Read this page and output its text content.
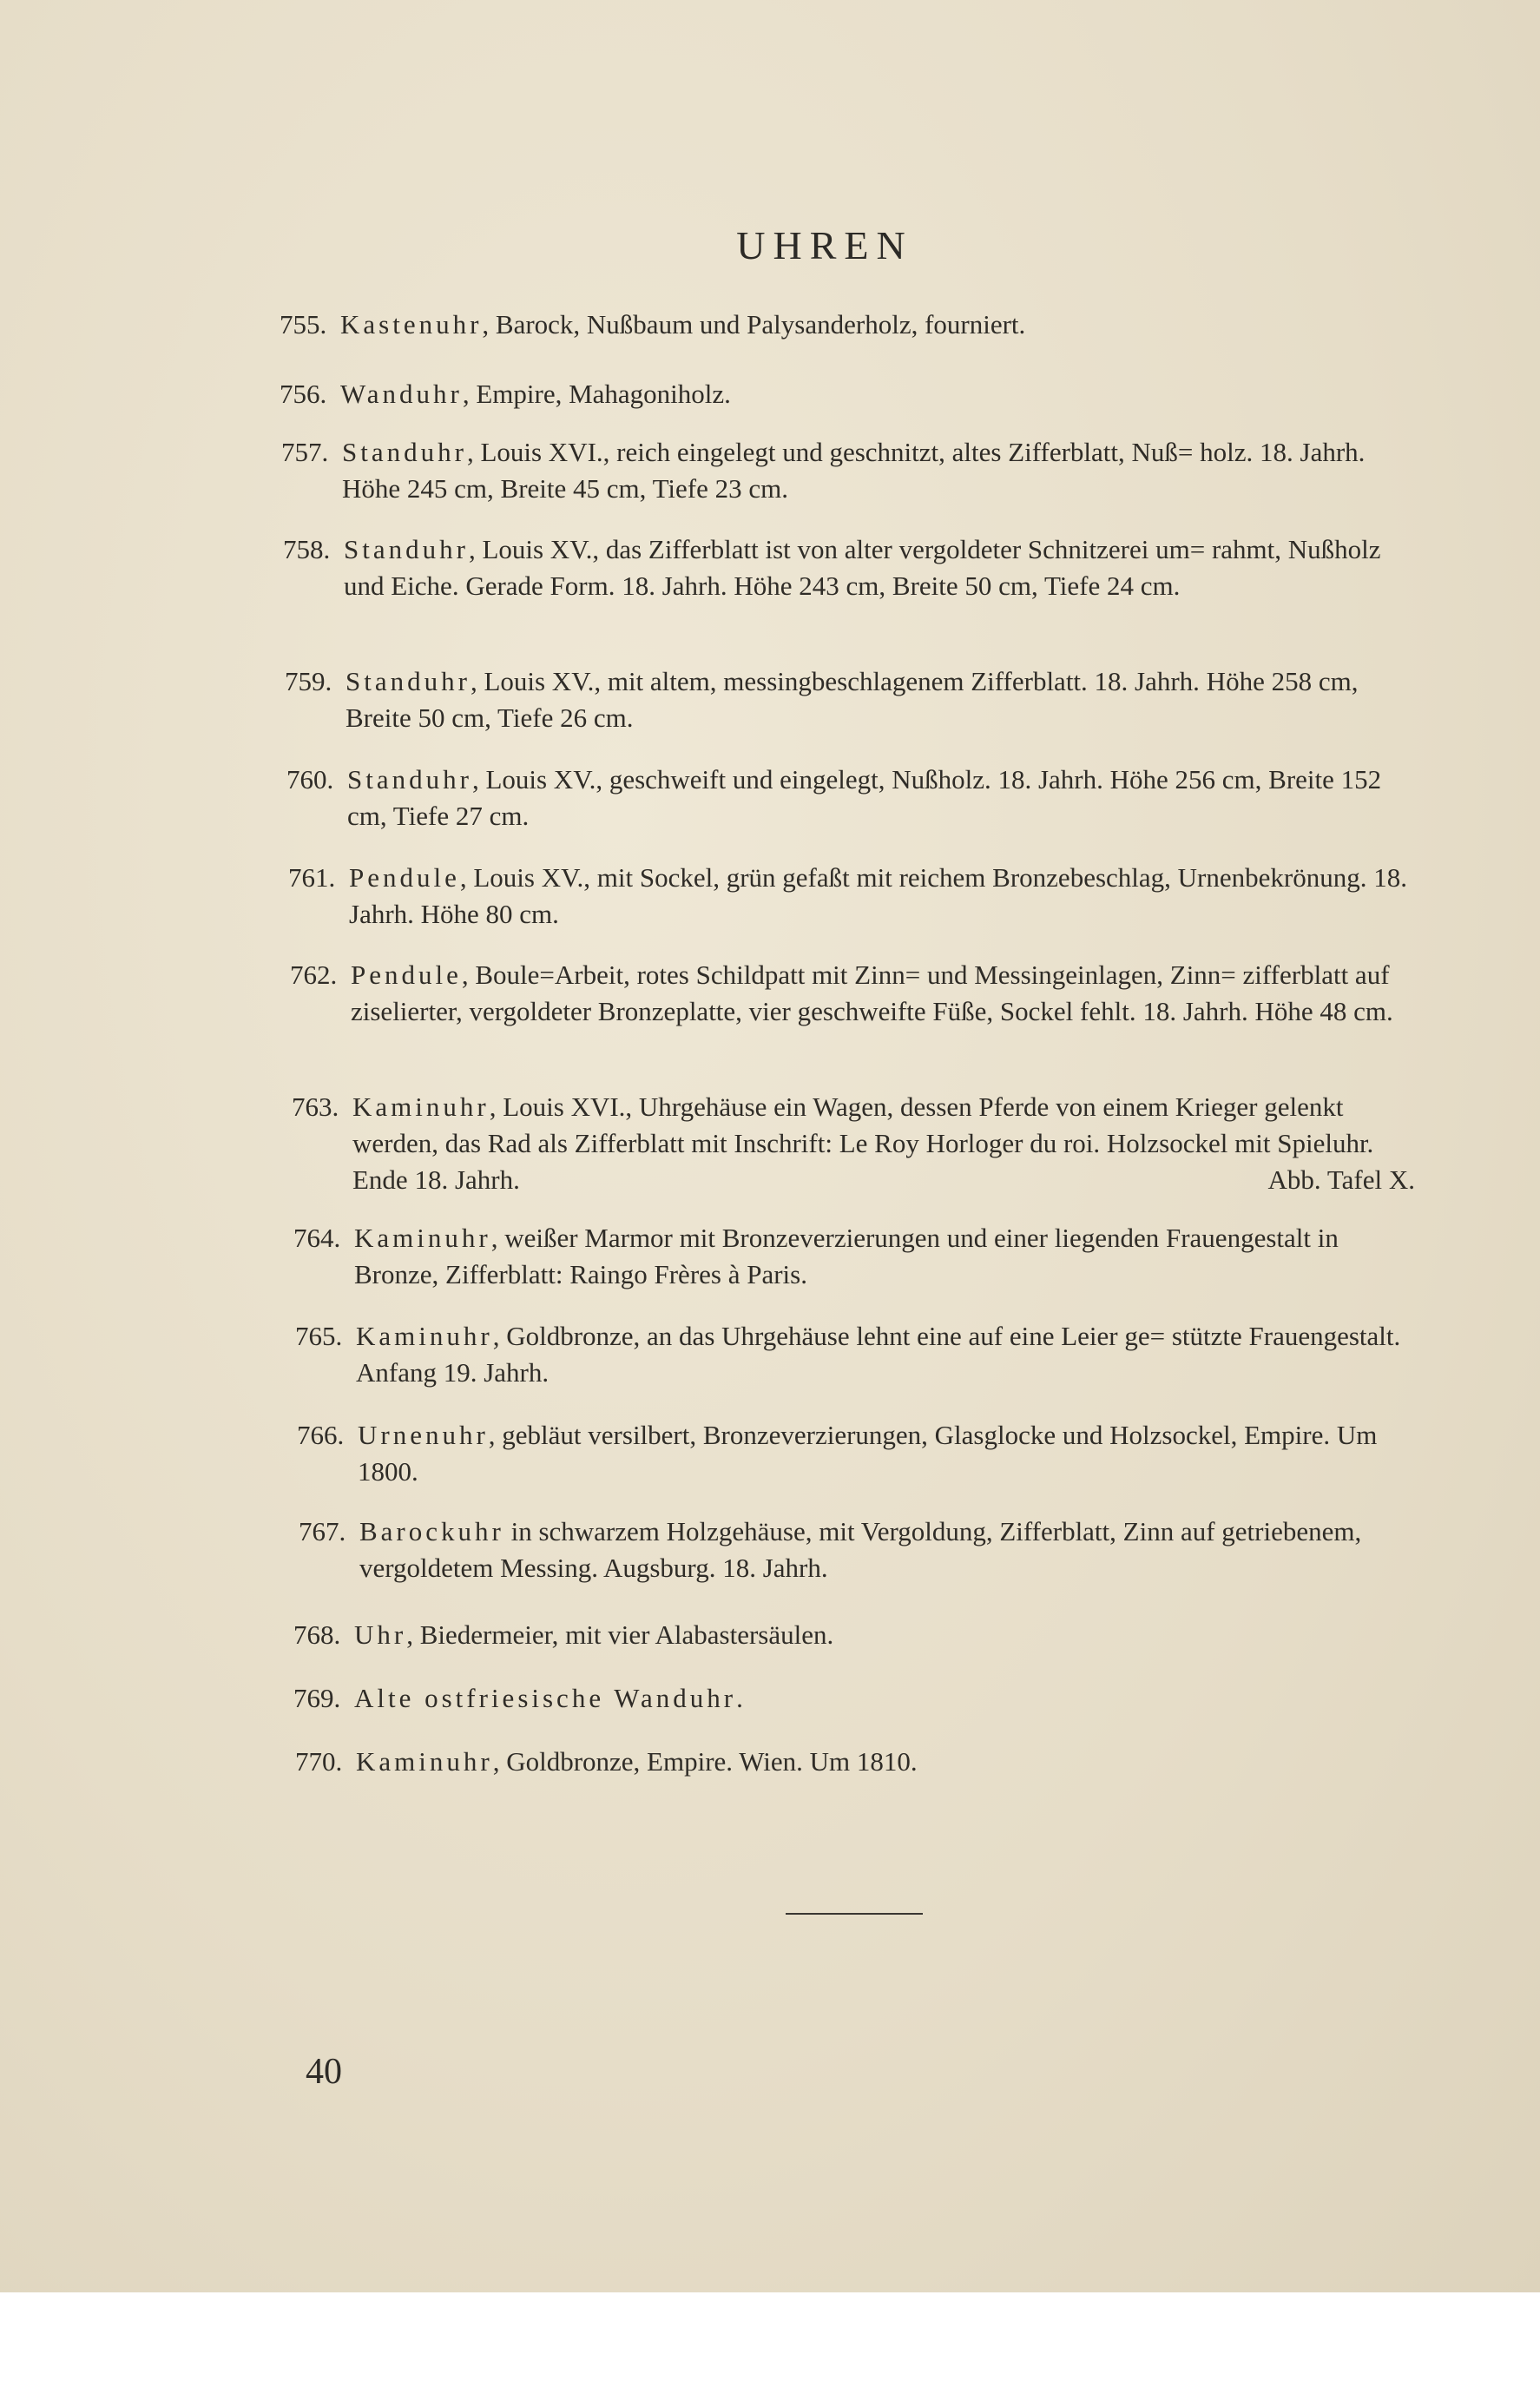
UHREN
755. Kastenuhr, Barock, Nußbaum und Palysanderholz, fourniert.
756. Wanduhr, Empire, Mahagoniholz.
757. Standuhr, Louis XVI., reich eingelegt und geschnitzt, altes Zifferblatt, Nuß= holz. 18. Jahrh. Höhe 245 cm, Breite 45 cm, Tiefe 23 cm.
758. Standuhr, Louis XV., das Zifferblatt ist von alter vergoldeter Schnitzerei um= rahmt, Nußholz und Eiche. Gerade Form. 18. Jahrh. Höhe 243 cm, Breite 50 cm, Tiefe 24 cm.
759. Standuhr, Louis XV., mit altem, messingbeschlagenem Zifferblatt. 18. Jahrh. Höhe 258 cm, Breite 50 cm, Tiefe 26 cm.
760. Standuhr, Louis XV., geschweift und eingelegt, Nußholz. 18. Jahrh. Höhe 256 cm, Breite 152 cm, Tiefe 27 cm.
761. Pendule, Louis XV., mit Sockel, grün gefaßt mit reichem Bronzebeschlag, Urnenbekrönung. 18. Jahrh. Höhe 80 cm.
762. Pendule, Boule=Arbeit, rotes Schildpatt mit Zinn= und Messingeinlagen, Zinn= zifferblatt auf ziselierter, vergoldeter Bronzeplatte, vier geschweifte Füße, Sockel fehlt. 18. Jahrh. Höhe 48 cm.
763. Kaminuhr, Louis XVI., Uhrgehäuse ein Wagen, dessen Pferde von einem Krieger gelenkt werden, das Rad als Zifferblatt mit Inschrift: Le Roy Horloger du roi. Holzsockel mit Spieluhr. Ende 18. Jahrh.	Abb. Tafel X.
764. Kaminuhr, weißer Marmor mit Bronzeverzierungen und einer liegenden Frauengestalt in Bronze, Zifferblatt: Raingo Frères à Paris.
765. Kaminuhr, Goldbronze, an das Uhrgehäuse lehnt eine auf eine Leier ge= stützte Frauengestalt. Anfang 19. Jahrh.
766. Urnenuhr, gebläut versilbert, Bronzeverzierungen, Glasglocke und Holzsockel, Empire. Um 1800.
767. Barockuhr in schwarzem Holzgehäuse, mit Vergoldung, Zifferblatt, Zinn auf getriebenem, vergoldetem Messing. Augsburg. 18. Jahrh.
768. Uhr, Biedermeier, mit vier Alabastersäulen.
769. Alte ostfriesische Wanduhr.
770. Kaminuhr, Goldbronze, Empire. Wien. Um 1810.
40
